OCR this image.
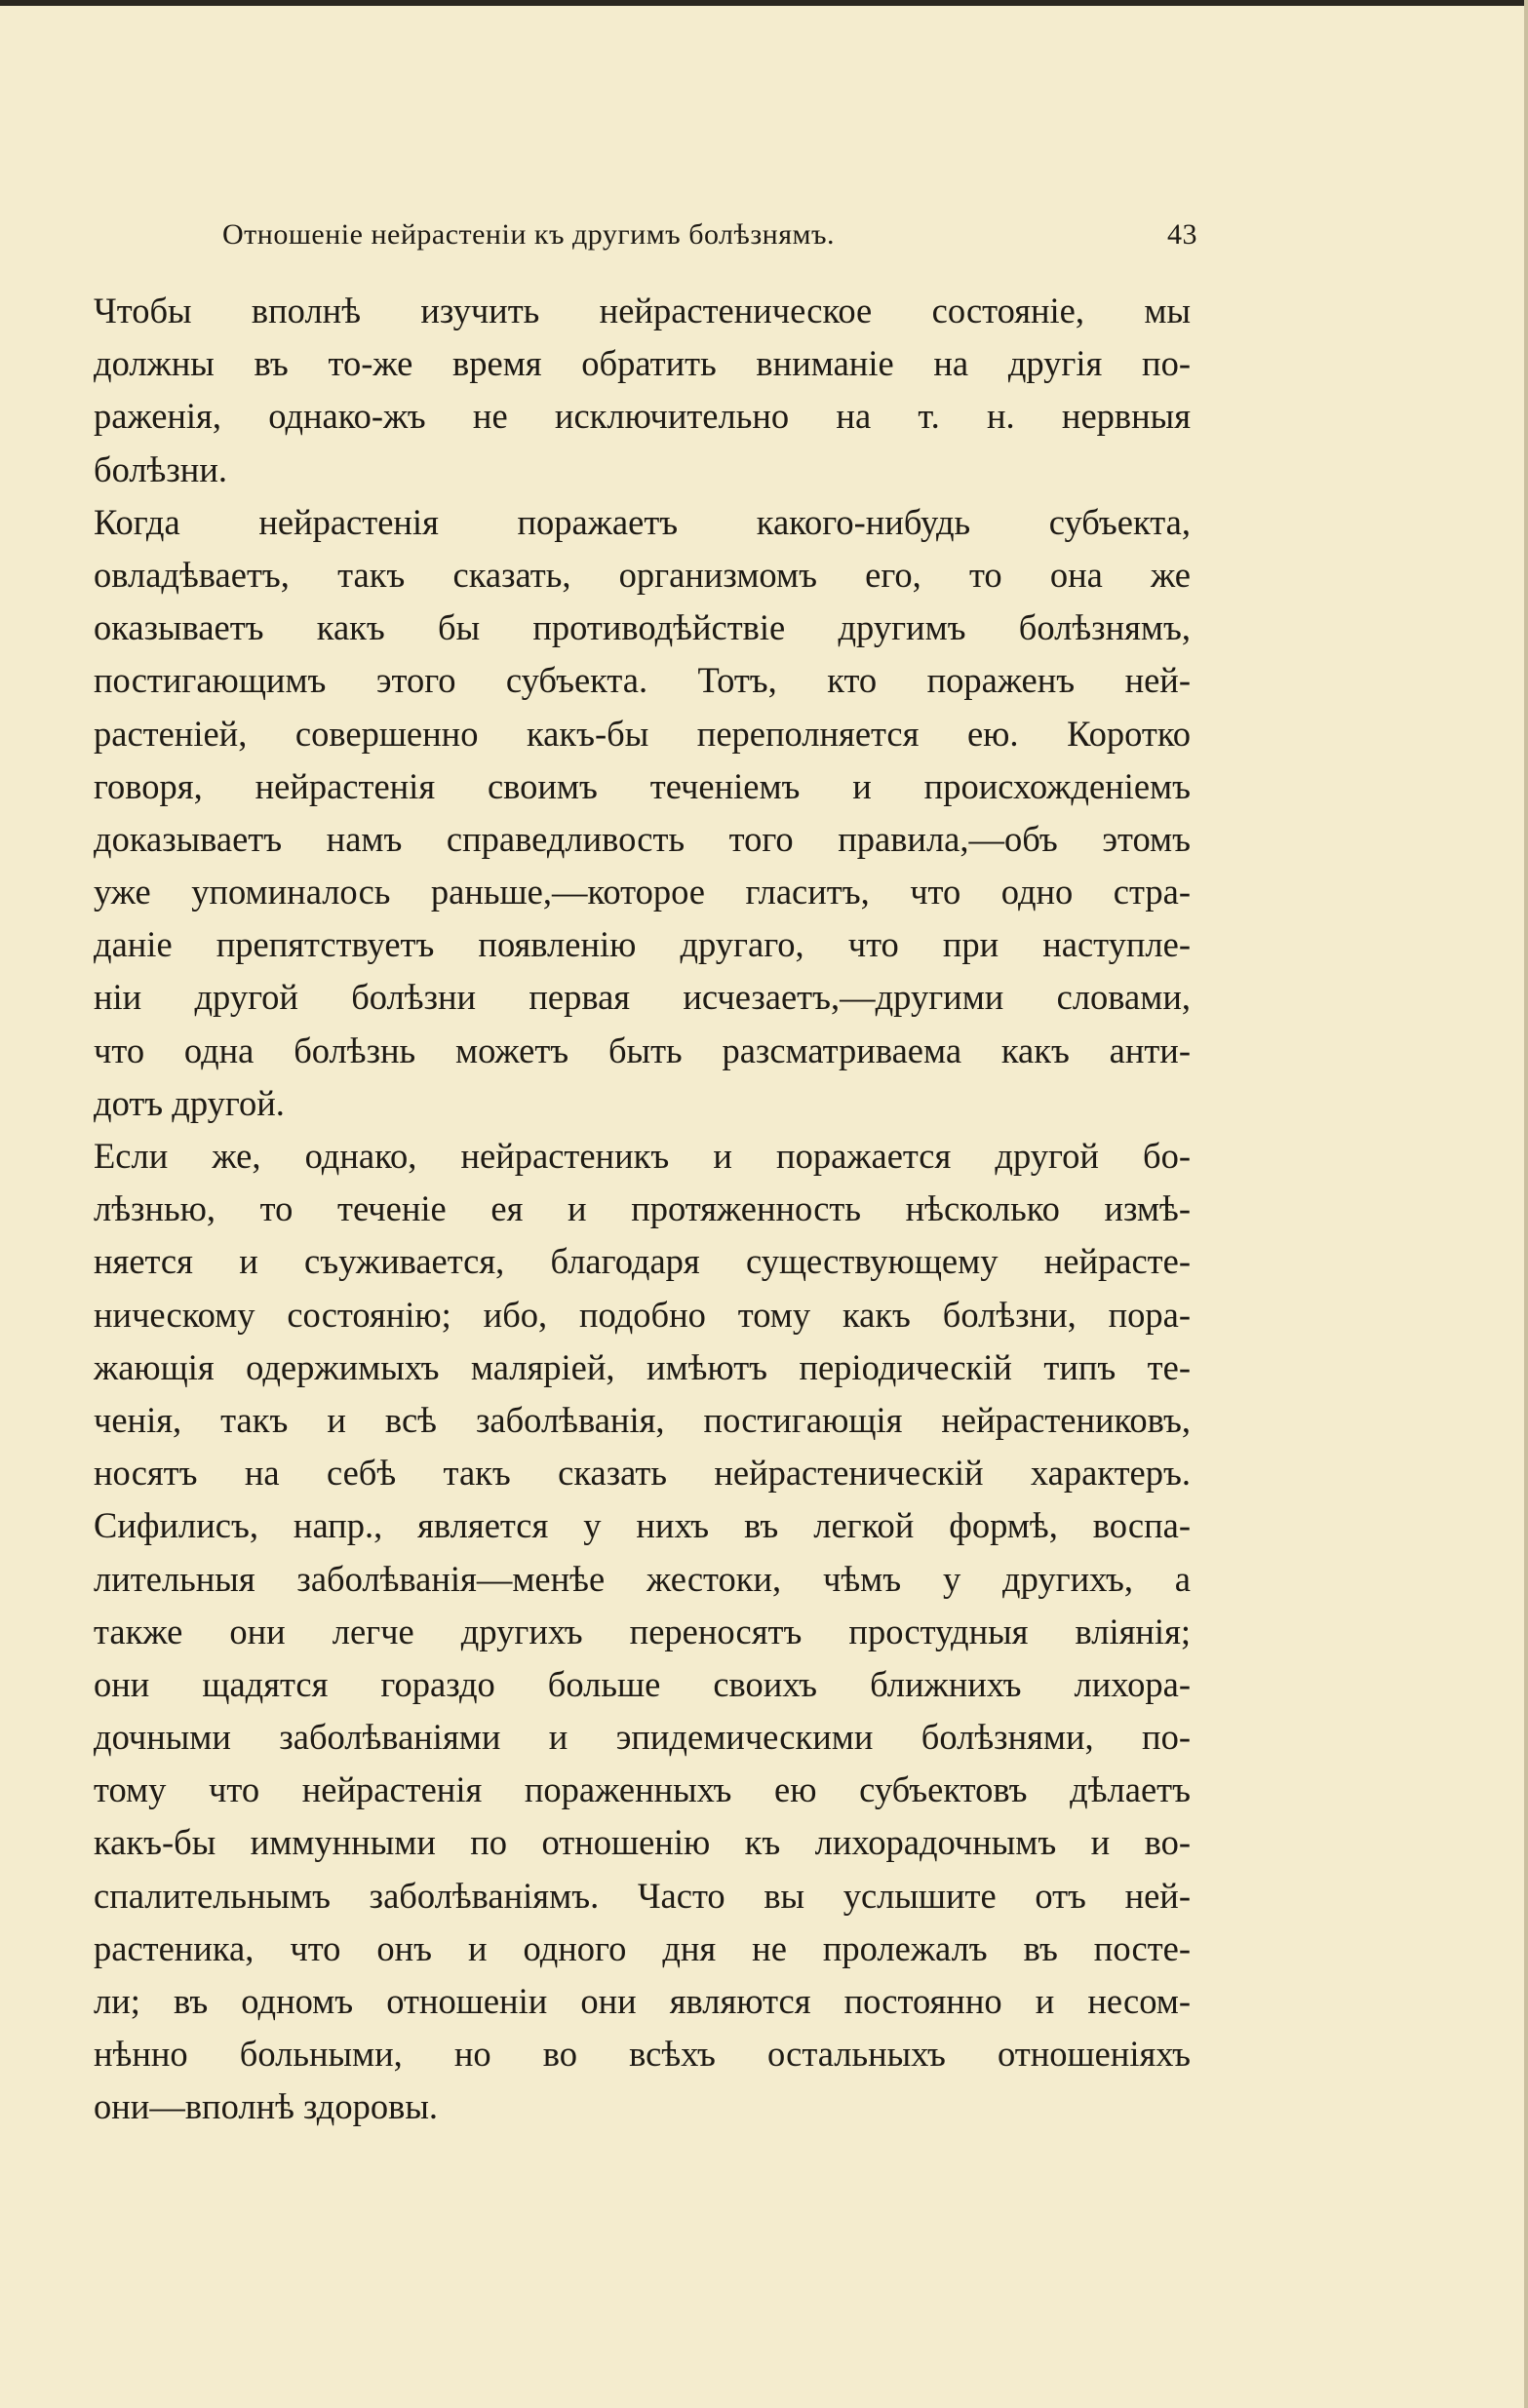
Отношеніе нейрастеніи къ другимъ болѣзнямъ.	43
Чтобы вполнѣ изучить нейрастеническое состояніе, мы
должны въ то-же время обратить вниманіе на другія по-
раженія, однако-жъ не исключительно на т. н. нервныя
болѣзни.
Когда нейрастенія поражаетъ какого-нибудь субъекта,
овладѣваетъ, такъ сказать, организмомъ его, то она же
оказываетъ какъ бы противодѣйствіе другимъ болѣзнямъ,
постигающимъ этого субъекта. Тотъ, кто пораженъ ней-
растеніей, совершенно какъ-бы переполняется ею. Коротко
говоря, нейрастенія своимъ теченіемъ и происхожденіемъ
доказываетъ намъ справедливость того правила,—объ этомъ
уже упоминалось раньше,—которое гласитъ, что одно стра-
даніе препятствуетъ появленію другаго, что при наступле-
ніи другой болѣзни первая исчезаетъ,—другими словами,
что одна болѣзнь можетъ быть разсматриваема какъ анти-
дотъ другой.
Если же, однако, нейрастеникъ и поражается другой бо-
лѣзнью, то теченіе ея и протяженность нѣсколько измѣ-
няется и съуживается, благодаря существующему нейрасте-
ническому состоянію; ибо, подобно тому какъ болѣзни, пора-
жающія одержимыхъ маляріей, имѣютъ періодическій типъ те-
ченія, такъ и всѣ заболѣванія, постигающія нейрастениковъ,
носятъ на себѣ такъ сказать нейрастеническій характеръ.
Сифилисъ, напр., является у нихъ въ легкой формѣ, воспа-
лительныя заболѣванія—менѣе жестоки, чѣмъ у другихъ, а
также они легче другихъ переносятъ простудныя вліянія;
они щадятся гораздо больше своихъ ближнихъ лихора-
дочными заболѣваніями и эпидемическими болѣзнями, по-
тому что нейрастенія пораженныхъ ею субъектовъ дѣлаетъ
какъ-бы иммунными по отношенію къ лихорадочнымъ и во-
спалительнымъ заболѣваніямъ. Часто вы услышите отъ ней-
растеника, что онъ и одного дня не пролежалъ въ посте-
ли; въ одномъ отношеніи они являются постоянно и несом-
нѣнно больными, но во всѣхъ остальныхъ отношеніяхъ
они—вполнѣ здоровы.
